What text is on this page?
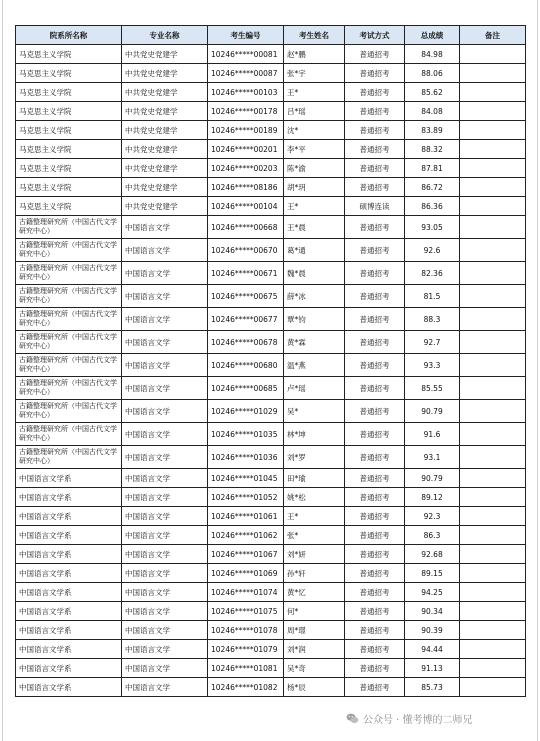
院系所名称	专业名称	考生编号	考生姓名	考试方式	总成绩	备注
马克思主义学院	中共党史党建学	10246*****00081	赵*鹏	普通招考	84.98	
马克思主义学院	中共党史党建学	10246*****00087	张*宇	普通招考	88.06	
马克思主义学院	中共党史党建学	10246*****00103	王*	普通招考	85.62	
马克思主义学院	中共党史党建学	10246*****00178	吕*瑶	普通招考	84.08	
马克思主义学院	中共党史党建学	10246*****00189	沈*	普通招考	83.89	
马克思主义学院	中共党史党建学	10246*****00201	李*平	普通招考	88.32	
马克思主义学院	中共党史党建学	10246*****00203	陈*渝	普通招考	87.81	
马克思主义学院	中共党史党建学	10246*****08186	胡*玥	普通招考	86.72	
马克思主义学院	中共党史党建学	10246*****00104	王*	硕博连读	86.36	
古籍整理研究所（中国古代文学研究中心）	中国语言文学	10246*****00668	王*晨	普通招考	93.05	
古籍整理研究所（中国古代文学研究中心）	中国语言文学	10246*****00670	葛*通	普通招考	92.6	
古籍整理研究所（中国古代文学研究中心）	中国语言文学	10246*****00671	魏*晨	普通招考	82.36	
古籍整理研究所（中国古代文学研究中心）	中国语言文学	10246*****00675	薛*冰	普通招考	81.5	
古籍整理研究所（中国古代文学研究中心）	中国语言文学	10246*****00677	覃*钧	普通招考	88.3	
古籍整理研究所（中国古代文学研究中心）	中国语言文学	10246*****00678	黄*霖	普通招考	92.7	
古籍整理研究所（中国古代文学研究中心）	中国语言文学	10246*****00680	温*燕	普通招考	93.3	
古籍整理研究所（中国古代文学研究中心）	中国语言文学	10246*****00685	卢*瑶	普通招考	85.55	
古籍整理研究所（中国古代文学研究中心）	中国语言文学	10246*****01029	吴*	普通招考	90.79	
古籍整理研究所（中国古代文学研究中心）	中国语言文学	10246*****01035	林*坤	普通招考	91.6	
古籍整理研究所（中国古代文学研究中心）	中国语言文学	10246*****01036	刘*罗	普通招考	93.1	
中国语言文学系	中国语言文学	10246*****01045	田*瑜	普通招考	90.79	
中国语言文学系	中国语言文学	10246*****01052	姚*松	普通招考	89.12	
中国语言文学系	中国语言文学	10246*****01061	王*	普通招考	92.3	
中国语言文学系	中国语言文学	10246*****01062	张*	普通招考	86.3	
中国语言文学系	中国语言文学	10246*****01067	刘*妍	普通招考	92.68	
中国语言文学系	中国语言文学	10246*****01069	孙*轩	普通招考	89.15	
中国语言文学系	中国语言文学	10246*****01074	黄*忆	普通招考	94.25	
中国语言文学系	中国语言文学	10246*****01075	何*	普通招考	90.34	
中国语言文学系	中国语言文学	10246*****01078	周*璟	普通招考	90.39	
中国语言文学系	中国语言文学	10246*****01079	刘*润	普通招考	94.44	
中国语言文学系	中国语言文学	10246*****01081	吴*奇	普通招考	91.13	
中国语言文学系	中国语言文学	10246*****01082	杨*辰	普通招考	85.73	
公众号 · 懂考博的二师兄
